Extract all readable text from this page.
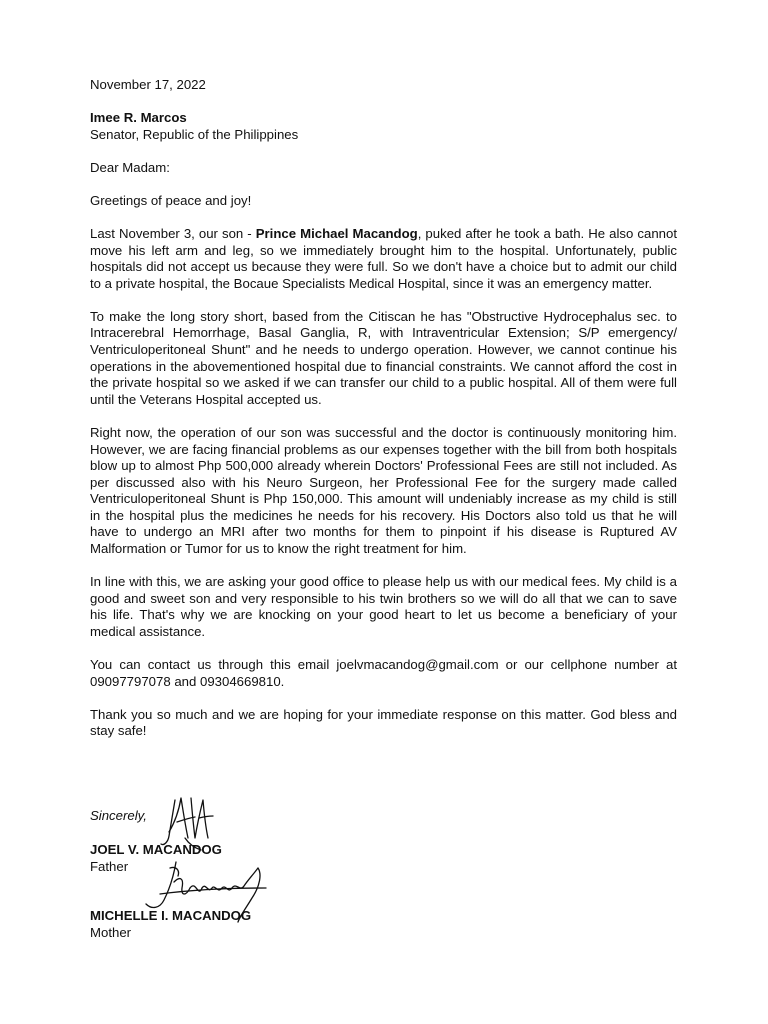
November 17, 2022

Imee R. Marcos
Senator, Republic of the Philippines

Dear Madam:

Greetings of peace and joy!

Last November 3, our son - Prince Michael Macandog, puked after he took a bath. He also cannot move his left arm and leg, so we immediately brought him to the hospital. Unfortunately, public hospitals did not accept us because they were full. So we don't have a choice but to admit our child to a private hospital, the Bocaue Specialists Medical Hospital, since it was an emergency matter.

To make the long story short, based from the Citiscan he has "Obstructive Hydrocephalus sec. to Intracerebral Hemorrhage, Basal Ganglia, R, with Intraventricular Extension; S/P emergency/ Ventriculoperitoneal Shunt" and he needs to undergo operation. However, we cannot continue his operations in the abovementioned hospital due to financial constraints. We cannot afford the cost in the private hospital so we asked if we can transfer our child to a public hospital. All of them were full until the Veterans Hospital accepted us.

Right now, the operation of our son was successful and the doctor is continuously monitoring him. However, we are facing financial problems as our expenses together with the bill from both hospitals blow up to almost Php 500,000 already wherein Doctors' Professional Fees are still not included. As per discussed also with his Neuro Surgeon, her Professional Fee for the surgery made called Ventriculoperitoneal Shunt is Php 150,000. This amount will undeniably increase as my child is still in the hospital plus the medicines he needs for his recovery. His Doctors also told us that he will have to undergo an MRI after two months for them to pinpoint if his disease is Ruptured AV Malformation or Tumor for us to know the right treatment for him.

In line with this, we are asking your good office to please help us with our medical fees. My child is a good and sweet son and very responsible to his twin brothers so we will do all that we can to save his life. That's why we are knocking on your good heart to let us become a beneficiary of your medical assistance.

You can contact us through this email joelvmacandog@gmail.com or our cellphone number at 09097797078 and 09304669810.

Thank you so much and we are hoping for your immediate response on this matter. God bless and stay safe!

Sincerely,
JOEL V. MACANDOG
Father
MICHELLE I. MACANDOG
Mother
